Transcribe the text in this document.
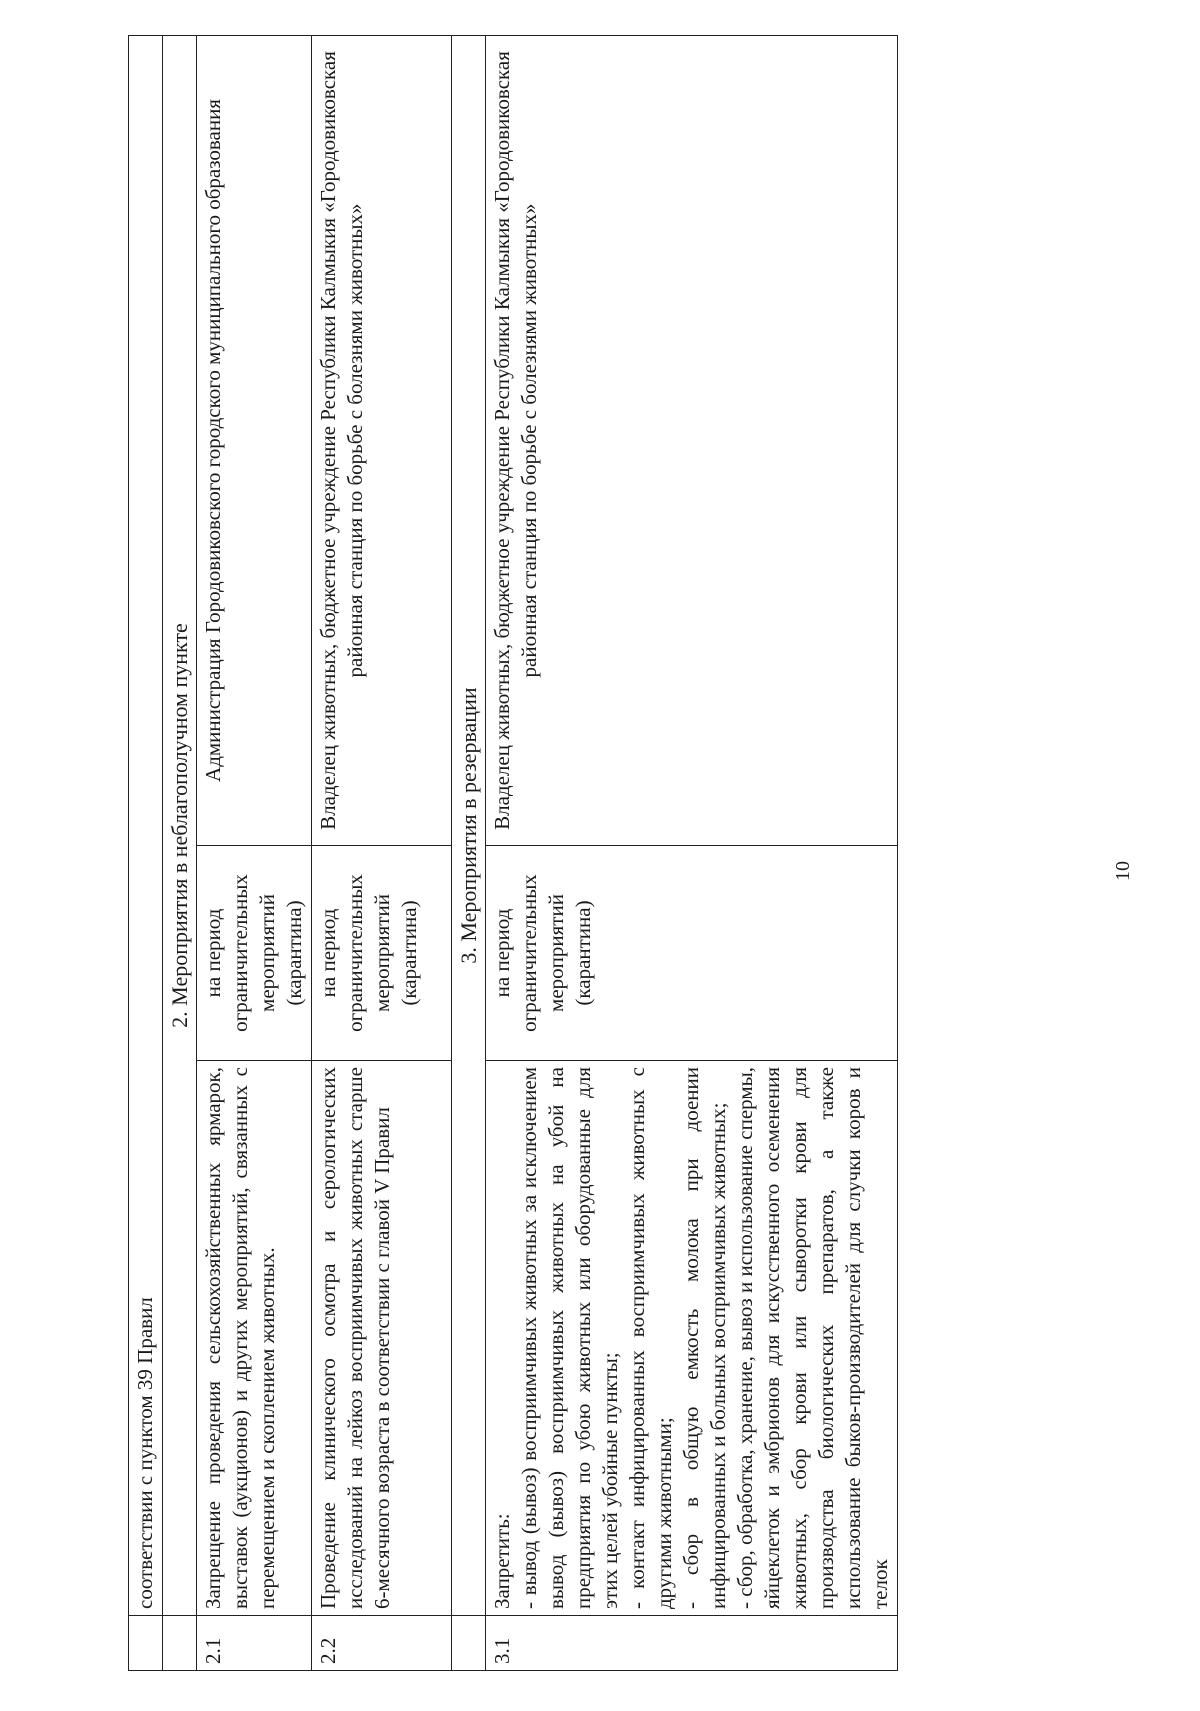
	соответствии с пунктом 39 Правил		
	2. Мероприятия в неблагополучном пункте		
2.1	Запрещение проведения сельскохозяйственных ярмарок, выставок (аукционов) и других мероприятий, связанных с перемещением и скоплением животных.	на период ограничительных мероприятий (карантина)	Администрация Городовиковского городского муниципального образования
2.2	Проведение клинического осмотра и серологических исследований на лейкоз восприимчивых животных старше 6-месячного возраста в соответствии с главой V Правил	на период ограничительных мероприятий (карантина)	Владелец животных, бюджетное учреждение Республики Калмыкия «Городовиковская районная станция по борьбе с болезнями животных»
	3. Мероприятия в резервации		
3.1	Запретить: - вывод (вывоз) восприимчивых животных за исключением вывод (вывоз) восприимчивых животных на убой на предприятия по убою животных или оборудованные для этих целей убойные пункты; - контакт инфицированных восприимчивых животных с другими животными; - сбор в общую емкость молока при доении инфицированных и больных восприимчивых животных; - сбор, обработка, хранение, вывоз и использование спермы, яйцеклеток и эмбрионов для искусственного осеменения животных, сбор крови или сыворотки крови для производства биологических препаратов, а также использование быков-производителей для случки коров и телок	на период ограничительных мероприятий (карантина)	Владелец животных, бюджетное учреждение Республики Калмыкия «Городовиковская районная станция по борьбе с болезнями животных»
10
